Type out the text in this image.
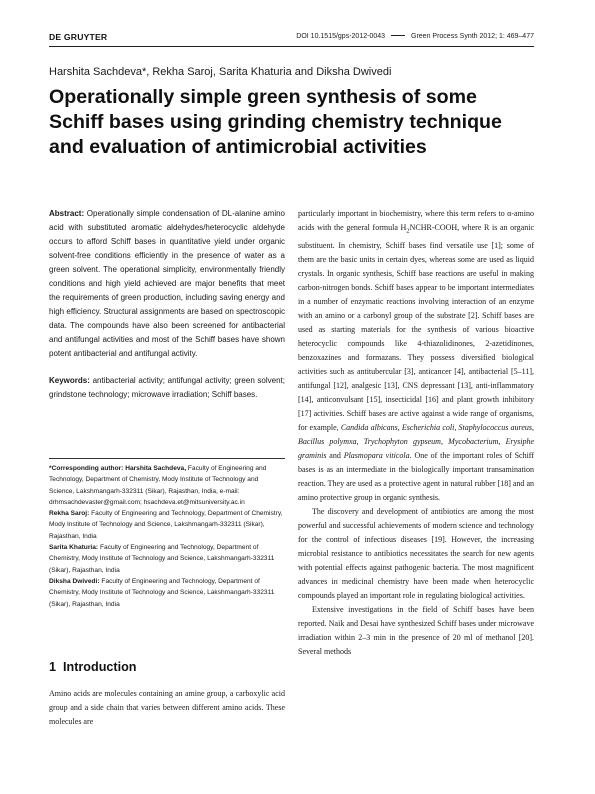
DE GRUYTER	DOI 10.1515/gps-2012-0043	Green Process Synth 2012; 1: 469–477
Harshita Sachdeva*, Rekha Saroj, Sarita Khaturia and Diksha Dwivedi
Operationally simple green synthesis of some Schiff bases using grinding chemistry technique and evaluation of antimicrobial activities

Abstract: Operationally simple condensation of DL-alanine amino acid with substituted aromatic aldehydes/heterocyclic aldehyde occurs to afford Schiff bases in quantitative yield under organic solvent-free conditions efficiently in the presence of water as a green solvent. The operational simplicity, environmentally friendly conditions and high yield achieved are major benefits that meet the requirements of green production, including saving energy and high efficiency. Structural assignments are based on spectroscopic data. The compounds have also been screened for antibacterial and antifungal activities and most of the Schiff bases have shown potent antibacterial and antifungal activity.

Keywords: antibacterial activity; antifungal activity; green solvent; grindstone technology; microwave irradiation; Schiff bases.

*Corresponding author: Harshita Sachdeva, Faculty of Engineering and Technology, Department of Chemistry, Mody Institute of Technology and Science, Lakshmangarh-332311 (Sikar), Rajasthan, India, e-mail: drhmsachdevaster@gmail.com; hsachdeva.et@mitsuniversity.ac.in

Rekha Saroj: Faculty of Engineering and Technology, Department of Chemistry, Mody Institute of Technology and Science, Lakshmangarh-332311 (Sikar), Rajasthan, India

Sarita Khaturia: Faculty of Engineering and Technology, Department of Chemistry, Mody Institute of Technology and Science, Lakshmangarh-332311 (Sikar), Rajasthan, India

Diksha Dwivedi: Faculty of Engineering and Technology, Department of Chemistry, Mody Institute of Technology and Science, Lakshmangarh-332311 (Sikar), Rajasthan, India

1 Introduction

Amino acids are molecules containing an amine group, a carboxylic acid group and a side chain that varies between different amino acids. These molecules are

particularly important in biochemistry, where this term refers to α-amino acids with the general formula $H_2NCHR$-COOH, where R is an organic substituent. In chemistry, Schiff bases find versatile use [1]; some of them are the basic units in certain dyes, whereas some are used as liquid crystals. In organic synthesis, Schiff base reactions are useful in making carbon-nitrogen bonds. Schiff bases appear to be important intermediates in a number of enzymatic reactions involving interaction of an enzyme with an amino or a carbonyl group of the substrate [2]. Schiff bases are used as starting materials for the synthesis of various bioactive heterocyclic compounds like 4-thiazolidinones, 2-azetidinones, benzoxazines and formazans. They possess diversified biological activities such as antitubercular [3], anticancer [4], antibacterial [5–11], antifungal [12], analgesic [13], CNS depressant [13], anti-inflammatory [14], anticonvulsant [15], insecticidal [16] and plant growth inhibitory [17] activities. Schiff bases are active against a wide range of organisms, for example, Candida albicans, Escherichia coli, Staphylococcus aureus, Bacillus polymxa, Trychophyton gypseum, Mycobacterium, Erysiphe graminis and Plasmopara viticola. One of the important roles of Schiff bases is as an intermediate in the biologically important transamination reaction. They are used as a protective agent in natural rubber [18] and an amino protective group in organic synthesis.

The discovery and development of antibiotics are among the most powerful and successful achievements of modern science and technology for the control of infectious diseases [19]. However, the increasing microbial resistance to antibiotics necessitates the search for new agents with potential effects against pathogenic bacteria. The most magnificent advances in medicinal chemistry have been made when heterocyclic compounds played an important role in regulating biological activities.

Extensive investigations in the field of Schiff bases have been reported. Naik and Desai have synthesized Schiff bases under microwave irradiation within 2–3 min in the presence of 20 ml of methanol [20]. Several methods
